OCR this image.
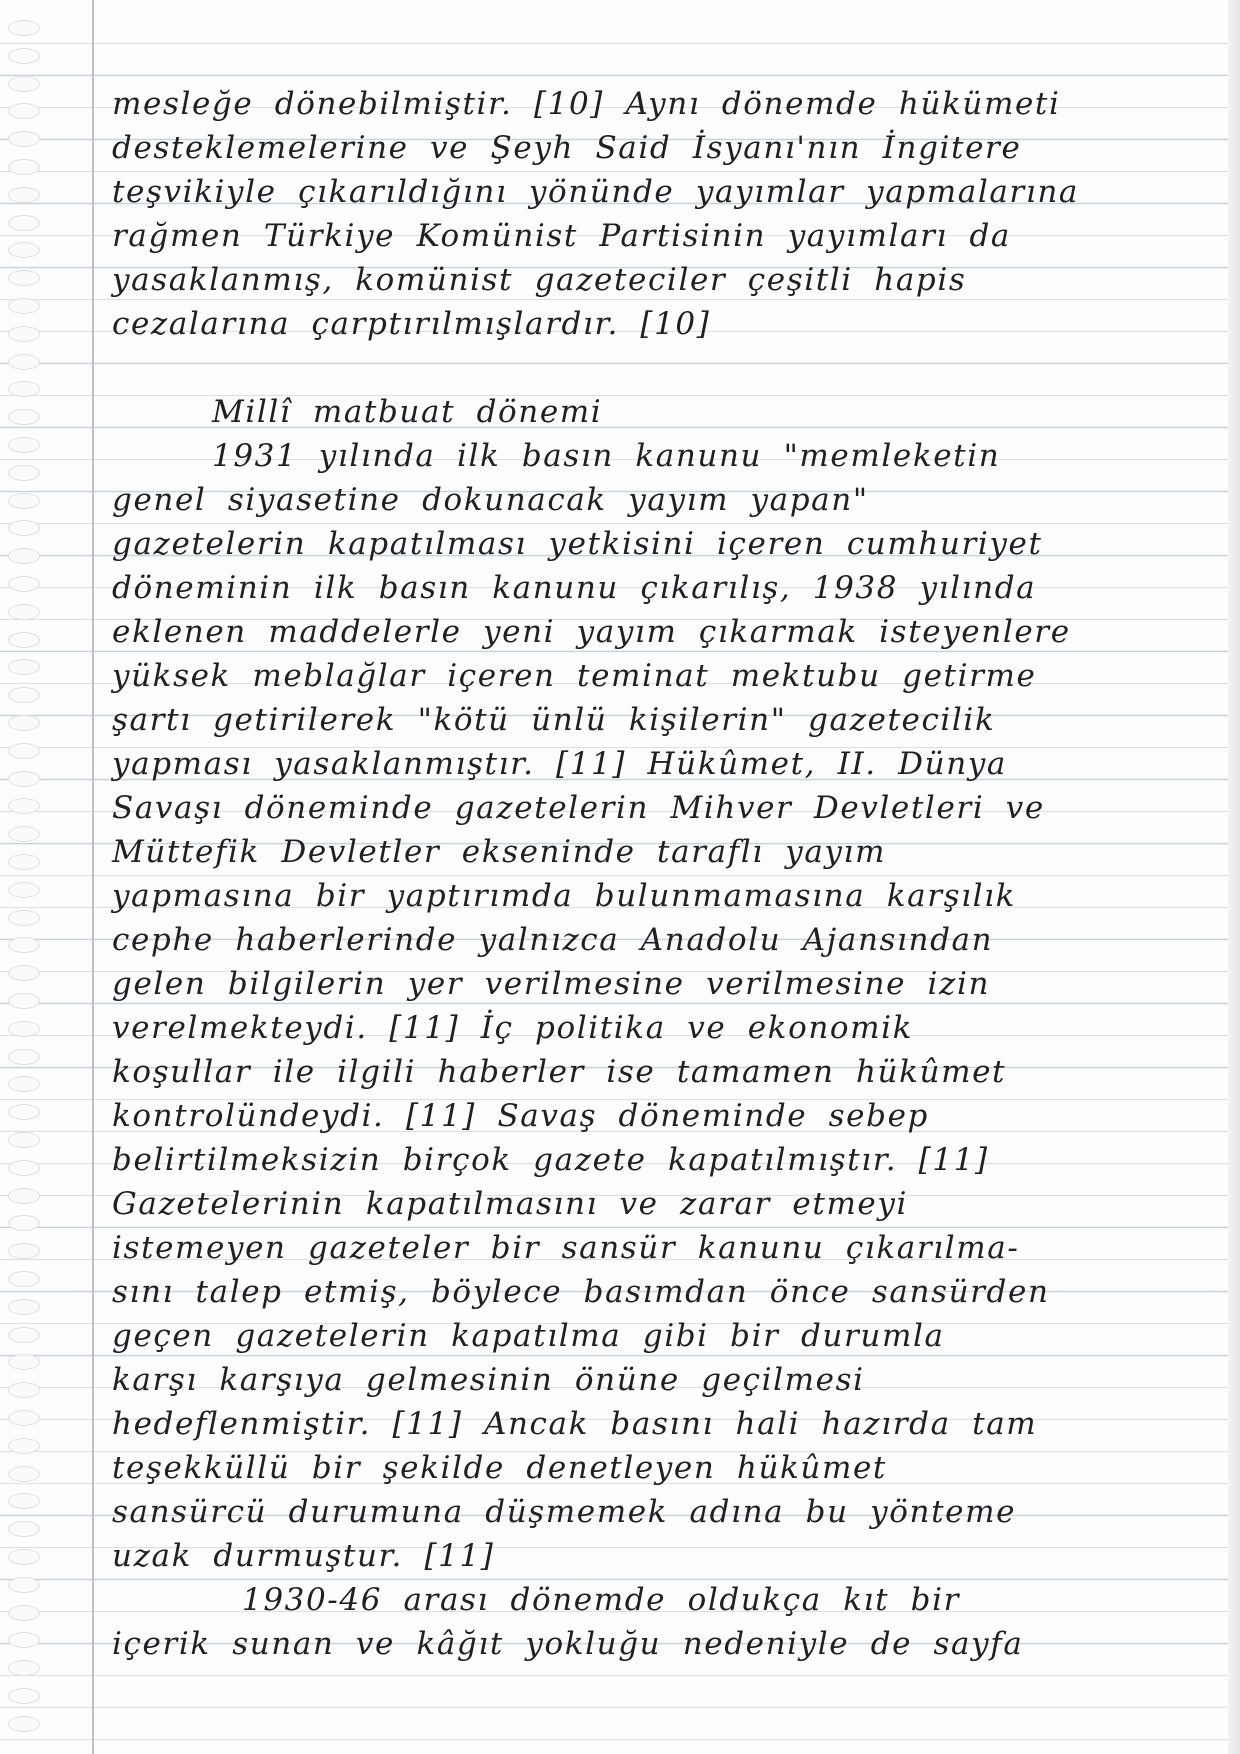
mesleğe dönebilmiştir. [10] Aynı dönemde hükümeti
desteklemelerine ve Şeyh Said İsyanı'nın İngitere
teşvikiyle çıkarıldığını yönünde yayımlar yapmalarına
rağmen Türkiye Komünist Partisinin yayımları da
yasaklanmış, komünist gazeteciler çeşitli hapis
cezalarına çarptırılmışlardır. [10]
Millî matbuat dönemi
1931 yılında ilk basın kanunu "memleketin
genel siyasetine dokunacak yayım yapan"
gazetelerin kapatılması yetkisini içeren cumhuriyet
döneminin ilk basın kanunu çıkarılış, 1938 yılında
eklenen maddelerle yeni yayım çıkarmak isteyenlere
yüksek meblağlar içeren teminat mektubu getirme
şartı getirilerek "kötü ünlü kişilerin" gazetecilik
yapması yasaklanmıştır. [11] Hükûmet, II. Dünya
Savaşı döneminde gazetelerin Mihver Devletleri ve
Müttefik Devletler ekseninde taraflı yayım
yapmasına bir yaptırımda bulunmamasına karşılık
cephe haberlerinde yalnızca Anadolu Ajansından
gelen bilgilerin yer verilmesine verilmesine izin
verelmekteydi. [11] İç politika ve ekonomik
koşullar ile ilgili haberler ise tamamen hükûmet
kontrolündeydi. [11] Savaş döneminde sebep
belirtilmeksizin birçok gazete kapatılmıştır. [11]
Gazetelerinin kapatılmasını ve zarar etmeyi
istemeyen gazeteler bir sansür kanunu çıkarılma-
sını talep etmiş, böylece basımdan önce sansürden
geçen gazetelerin kapatılma gibi bir durumla
karşı karşıya gelmesinin önüne geçilmesi
hedeflenmiştir. [11] Ancak basını hali hazırda tam
teşekküllü bir şekilde denetleyen hükûmet
sansürcü durumuna düşmemek adına bu yönteme
uzak durmuştur. [11]
1930-46 arası dönemde oldukça kıt bir
içerik sunan ve kâğıt yokluğu nedeniyle de sayfa
